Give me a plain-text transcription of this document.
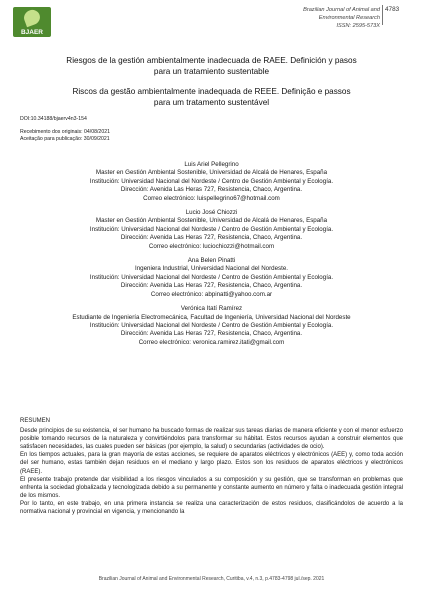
BJAER
Brazilian Journal of Animal and Environmental Research
ISSN: 2595-573X
4783
Riesgos de la gestión ambientalmente inadecuada de RAEE. Definición y pasos
para un tratamiento sustentable
Riscos da gestão ambientalmente inadequada de REEE. Definição e passos
para um tratamento sustentável
DOI:10.34188/bjaerv4n3-154
Recebimento dos originais: 04/08/2021
Aceitação para publicação: 30/09/2021
Luis Ariel Pellegrino
Master en Gestión Ambiental Sostenible, Universidad de Alcalá de Henares, España
Institución: Universidad Nacional del Nordeste / Centro de Gestión Ambiental y Ecología.
Dirección: Avenida Las Heras 727, Resistencia, Chaco, Argentina.
Correo electrónico: luispellegrino67@hotmail.com
Lucio José Chiozzi
Master en Gestión Ambiental Sostenible, Universidad de Alcalá de Henares, España
Institución: Universidad Nacional del Nordeste / Centro de Gestión Ambiental y Ecología.
Dirección: Avenida Las Heras 727, Resistencia, Chaco, Argentina.
Correo electrónico: luciochiozzi@hotmail.com
Ana Belen Pinatti
Ingeniera Industrial, Universidad Nacional del Nordeste.
Institución: Universidad Nacional del Nordeste / Centro de Gestión Ambiental y Ecología.
Dirección: Avenida Las Heras 727, Resistencia, Chaco, Argentina.
Correo electrónico: abpinatti@yahoo.com.ar
Verónica Itatí Ramírez
Estudiante de Ingeniería Electromecánica, Facultad de Ingeniería, Universidad Nacional del Nordeste
Institución: Universidad Nacional del Nordeste / Centro de Gestión Ambiental y Ecología.
Dirección: Avenida Las Heras 727, Resistencia, Chaco, Argentina.
Correo electrónico: veronica.ramirez.itati@gmail.com

RESUMEN

Desde principios de su existencia, el ser humano ha buscado formas de realizar sus tareas diarias de manera eficiente y con el menor esfuerzo posible tomando recursos de la naturaleza y convirtiéndolos para transformar su hábitat. Estos recursos ayudan a construir elementos que satisfacen necesidades, las cuales pueden ser básicas (por ejemplo, la salud) o secundarias (actividades de ocio).

En los tiempos actuales, para la gran mayoría de estas acciones, se requiere de aparatos eléctricos y electrónicos (AEE) y, como toda acción del ser humano, estas también dejan residuos en el mediano y largo plazo. Estos son los residuos de aparatos eléctricos y electrónicos (RAEE).

El presente trabajo pretende dar visibilidad a los riesgos vinculados a su composición y su gestión, que se transforman en problemas que enfrenta la sociedad globalizada y tecnologizada debido a su permanente y constante aumento en número y falta o inadecuada gestión integral de los mismos.

Por lo tanto, en este trabajo, en una primera instancia se realiza una caracterización de estos residuos, clasificándolos de acuerdo a la normativa nacional y provincial en vigencia, y mencionando la

Brazilian Journal of Animal and Environmental Research, Curitiba, v.4, n.3, p.4783-4798 jul./sep. 2021
